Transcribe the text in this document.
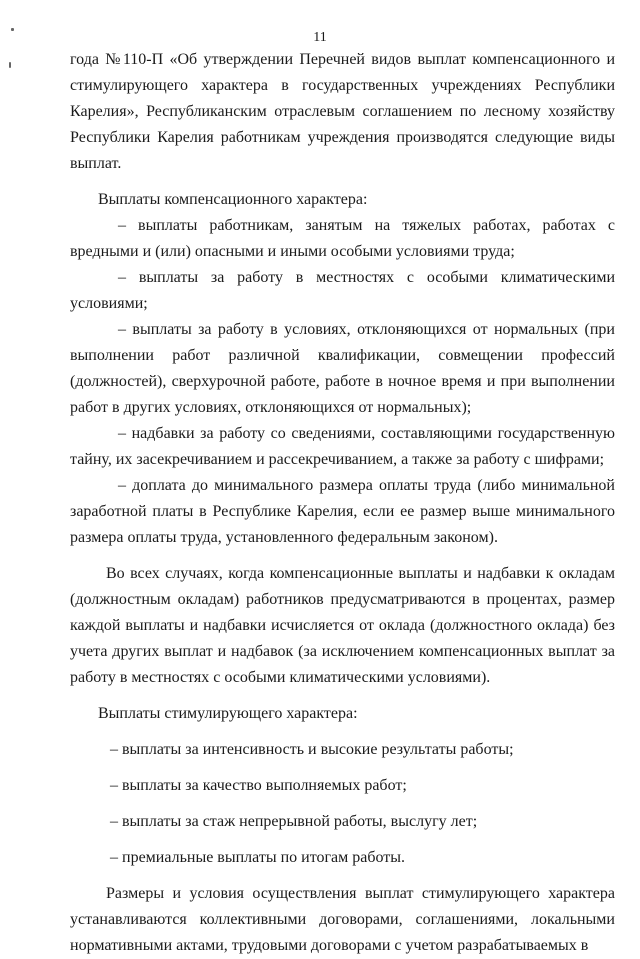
11

года №110-П «Об утверждении Перечней видов выплат компенсационного и стимулирующего характера в государственных учреждениях Республики Карелия», Республиканским отраслевым соглашением по лесному хозяйству Республики Карелия работникам учреждения производятся следующие виды выплат.

Выплаты компенсационного характера:

– выплаты работникам, занятым на тяжелых работах, работах с вредными и (или) опасными и иными особыми условиями труда;

– выплаты за работу в местностях с особыми климатическими условиями;

– выплаты за работу в условиях, отклоняющихся от нормальных (при выполнении работ различной квалификации, совмещении профессий (должностей), сверхурочной работе, работе в ночное время и при выполнении работ в других условиях, отклоняющихся от нормальных);

– надбавки за работу со сведениями, составляющими государственную тайну, их засекречиванием и рассекречиванием, а также за работу с шифрами;

– доплата до минимального размера оплаты труда (либо минимальной заработной платы в Республике Карелия, если ее размер выше минимального размера оплаты труда, установленного федеральным законом).

Во всех случаях, когда компенсационные выплаты и надбавки к окладам (должностным окладам) работников предусматриваются в процентах, размер каждой выплаты и надбавки исчисляется от оклада (должностного оклада) без учета других выплат и надбавок (за исключением компенсационных выплат за работу в местностях с особыми климатическими условиями).

Выплаты стимулирующего характера:

– выплаты за интенсивность и высокие результаты работы;

– выплаты за качество выполняемых работ;

– выплаты за стаж непрерывной работы, выслугу лет;

– премиальные выплаты по итогам работы.

Размеры и условия осуществления выплат стимулирующего характера устанавливаются коллективными договорами, соглашениями, локальными нормативными актами, трудовыми договорами с учетом разрабатываемых в
